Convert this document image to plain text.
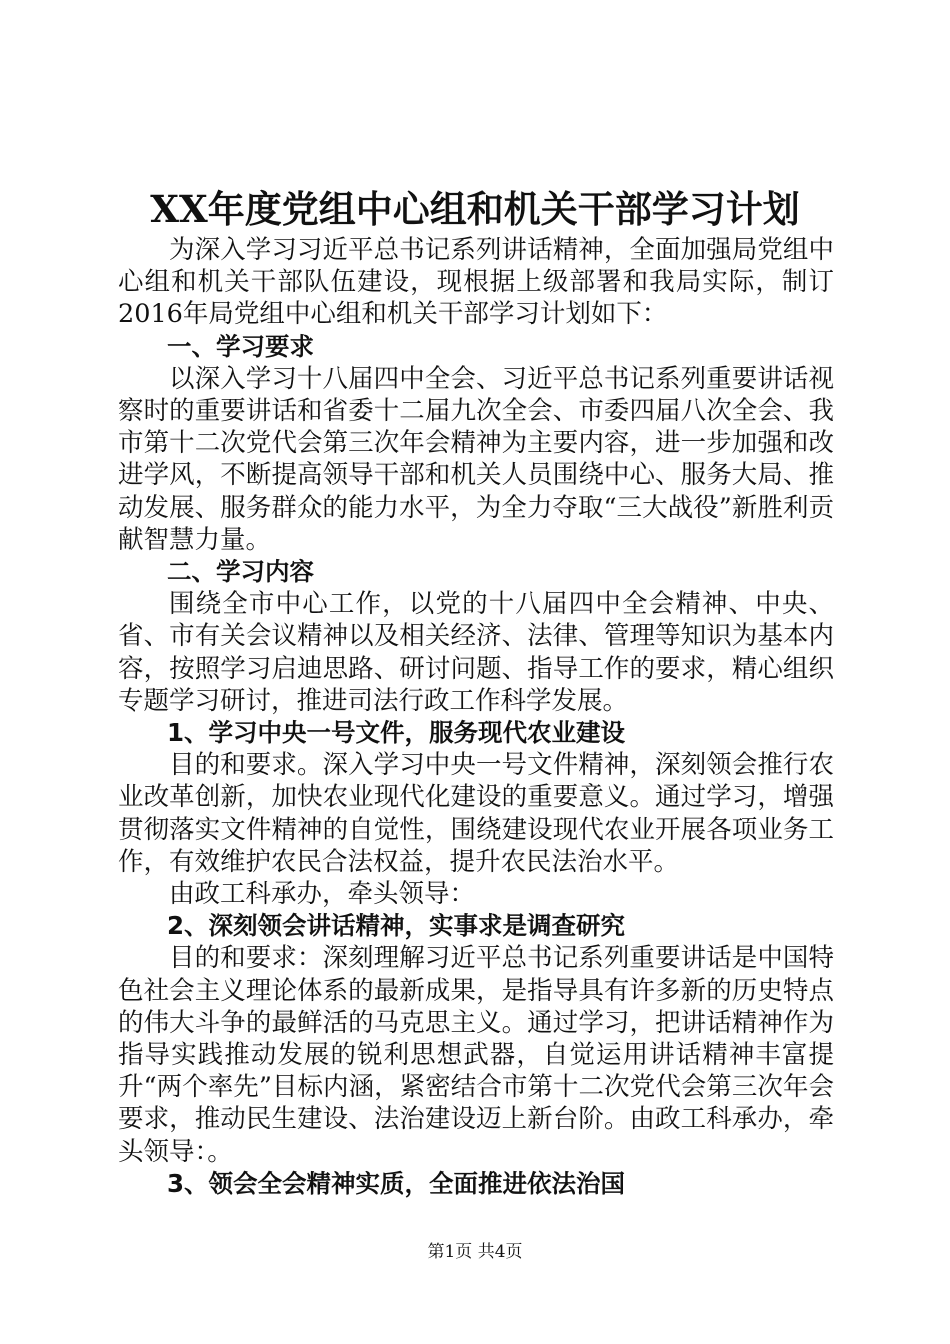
XX年度党组中心组和机关干部学习计划

为深入学习习近平总书记系列讲话精神，全面加强局党组中心组和机关干部队伍建设，现根据上级部署和我局实际，制订2016年局党组中心组和机关干部学习计划如下：

一、学习要求

以深入学习十八届四中全会、习近平总书记系列重要讲话视察时的重要讲话和省委十二届九次全会、市委四届八次全会、我市第十二次党代会第三次年会精神为主要内容，进一步加强和改进学风，不断提高领导干部和机关人员围绕中心、服务大局、推动发展、服务群众的能力水平，为全力夺取“三大战役”新胜利贡献智慧力量。

二、学习内容

围绕全市中心工作，以党的十八届四中全会精神、中央、省、市有关会议精神以及相关经济、法律、管理等知识为基本内容，按照学习启迪思路、研讨问题、指导工作的要求，精心组织专题学习研讨，推进司法行政工作科学发展。

1、学习中央一号文件，服务现代农业建设

目的和要求。深入学习中央一号文件精神，深刻领会推行农业改革创新，加快农业现代化建设的重要意义。通过学习，增强贯彻落实文件精神的自觉性，围绕建设现代农业开展各项业务工作，有效维护农民合法权益，提升农民法治水平。

由政工科承办，牵头领导：

2、深刻领会讲话精神，实事求是调查研究

目的和要求：深刻理解习近平总书记系列重要讲话是中国特色社会主义理论体系的最新成果，是指导具有许多新的历史特点的伟大斗争的最鲜活的马克思主义。通过学习，把讲话精神作为指导实践推动发展的锐利思想武器，自觉运用讲话精神丰富提升“两个率先”目标内涵，紧密结合市第十二次党代会第三次年会要求，推动民生建设、法治建设迈上新台阶。由政工科承办，牵头领导：。

3、领会全会精神实质，全面推进依法治国

第1页 共4页
